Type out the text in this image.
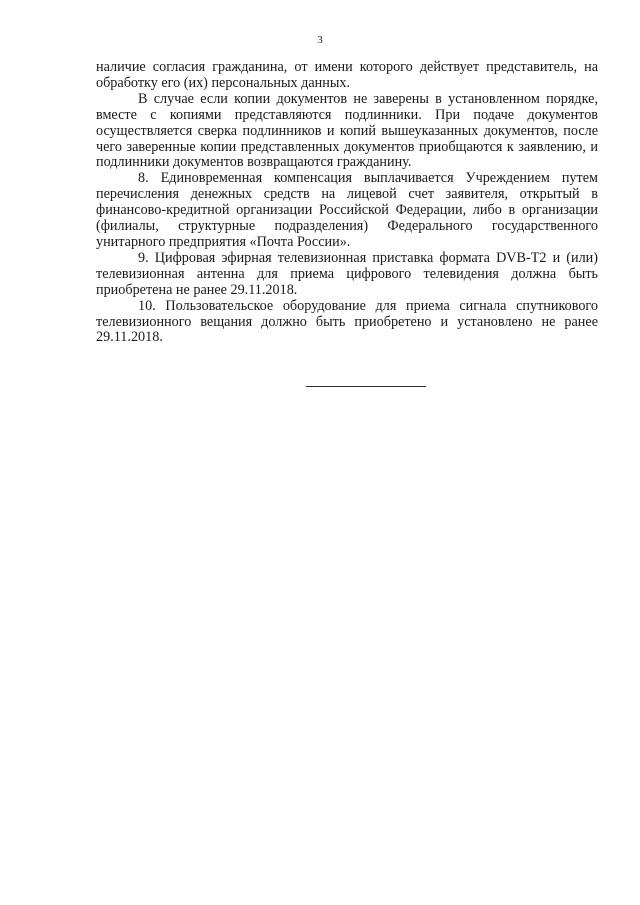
3

наличие согласия гражданина, от имени которого действует представитель, на обработку его (их) персональных данных.

В случае если копии документов не заверены в установленном порядке, вместе с копиями представляются подлинники. При подаче документов осуществляется сверка подлинников и копий вышеуказанных документов, после чего заверенные копии представленных документов приобщаются к заявлению, и подлинники документов возвращаются гражданину.

8. Единовременная компенсация выплачивается Учреждением путем перечисления денежных средств на лицевой счет заявителя, открытый в финансово-кредитной организации Российской Федерации, либо в организации (филиалы, структурные подразделения) Федерального государственного унитарного предприятия «Почта России».

9. Цифровая эфирная телевизионная приставка формата DVB-T2 и (или) телевизионная антенна для приема цифрового телевидения должна быть приобретена не ранее 29.11.2018.

10. Пользовательское оборудование для приема сигнала спутникового телевизионного вещания должно быть приобретено и установлено не ранее 29.11.2018.
